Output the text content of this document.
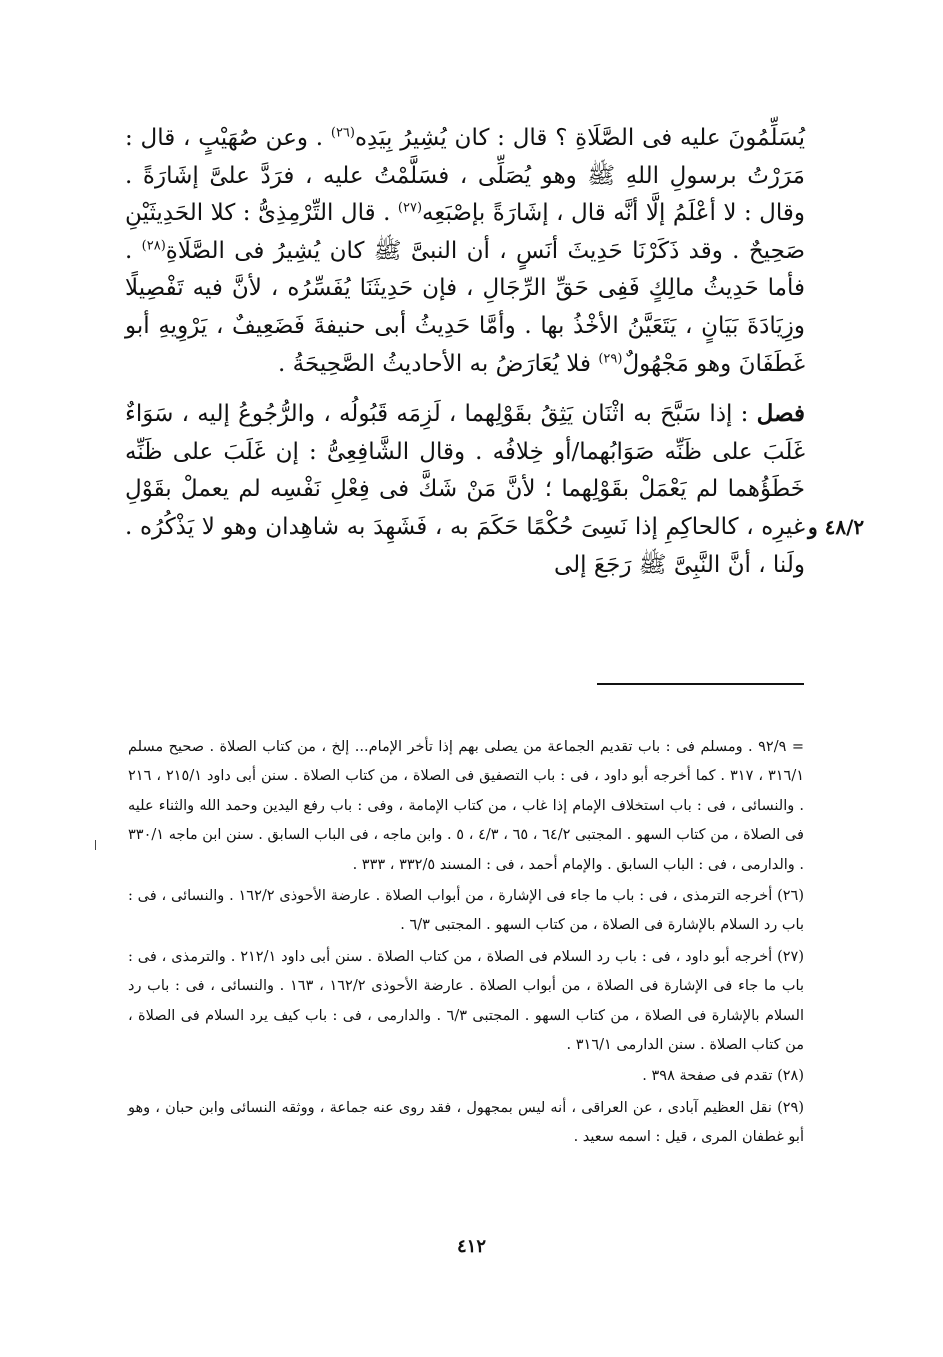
يُسَلِّمُونَ عليه فى الصَّلَاةِ ؟ قال : كان يُشِيرُ بِيَدِه$^{(٢٦)}$ . وعن صُهَيْبٍ ، قال : مَرَرْتُ برسولِ اللهِ ﷺ وهو يُصَلِّى ، فسَلَّمْتُ عليه ، فرَدَّ علىَّ إشَارَةً . وقال : لا أعْلَمُ إلَّا أنَّه قال ، إشَارَةً بإصْبَعِه$^{(٢٧)}$ . قال التِّرْمِذِىُّ : كلا الحَدِيثَيْنِ صَحِيحٌ . وقد ذَكَرْنَا حَدِيثَ أنَسٍ ، أن النبىَّ ﷺ كان يُشِيرُ فى الصَّلَاةِ$^{(٢٨)}$ . فأما حَدِيثُ مالِكٍ فَفِى حَقِّ الرِّجَالِ ، فإن حَدِيثَنَا يُفَسِّرُه ، لأنَّ فيه تَفْصِيلًا وزِيَادَةَ بَيَانٍ ، يَتَعَيَّنُ الأخْذُ بها . وأمَّا حَدِيثُ أبى حنيفةَ فَضَعِيفٌ ، يَرْوِيهِ أبو غَطَفَانَ وهو مَجْهُولٌ$^{(٢٩)}$ فلا يُعَارَضُ به الأحاديثُ الصَّحِيحَةُ .

فصل : إذا سَبَّحَ به اثْنَان يَثِقُ بقَوْلِهما ، لَزِمَه قَبُولُه ، والرُّجُوعُ إليه ، سَوَاءٌ غَلَبَ على ظَنِّه صَوَابُهما/أو خِلافُه . وقال الشَّافِعِىُّ : إن غَلَبَ على ظَنِّه خَطَؤُهما لم يَعْمَلْ بقَوْلِهما ؛ لأنَّ مَنْ شَكَّ فى فِعْلِ نَفْسِه لم يعملْ بقَوْلِ غيرِه ، كالحاكِمِ إذا نَسِىَ حُكْمًا حَكَمَ به ، فَشَهِدَ به شاهِدان وهو لا يَذْكُرُه . ولَنا ، أنَّ النَّبِىَّ ﷺ رَجَعَ إلى

٤٨/٢ و

= ٩٢/٩ . ومسلم فى : باب تقديم الجماعة من يصلى بهم إذا تأخر الإمام... إلخ ، من كتاب الصلاة . صحيح مسلم ٣١٦/١ ، ٣١٧ . كما أخرجه أبو داود ، فى : باب التصفيق فى الصلاة ، من كتاب الصلاة . سنن أبى داود ٢١٥/١ ، ٢١٦ . والنسائى ، فى : باب استخلاف الإمام إذا غاب ، من كتاب الإمامة ، وفى : باب رفع اليدين وحمد الله والثناء عليه فى الصلاة ، من كتاب السهو . المجتبى ٦٤/٢ ، ٦٥ ، ٤/٣ ، ٥ . وابن ماجه ، فى الباب السابق . سنن ابن ماجه ٣٣٠/١ . والدارمى ، فى : الباب السابق . والإمام أحمد ، فى : المسند ٣٣٢/٥ ، ٣٣٣ .

(٢٦) أخرجه الترمذى ، فى : باب ما جاء فى الإشارة ، من أبواب الصلاة . عارضة الأحوذى ١٦٢/٢ . والنسائى ، فى : باب رد السلام بالإشارة فى الصلاة ، من كتاب السهو . المجتبى ٦/٣ .

(٢٧) أخرجه أبو داود ، فى : باب رد السلام فى الصلاة ، من كتاب الصلاة . سنن أبى داود ٢١٢/١ . والترمذى ، فى : باب ما جاء فى الإشارة فى الصلاة ، من أبواب الصلاة . عارضة الأحوذى ١٦٢/٢ ، ١٦٣ . والنسائى ، فى : باب رد السلام بالإشارة فى الصلاة ، من كتاب السهو . المجتبى ٦/٣ . والدارمى ، فى : باب كيف يرد السلام فى الصلاة ، من كتاب الصلاة . سنن الدارمى ٣١٦/١ .

(٢٨) تقدم فى صفحة ٣٩٨ .

(٢٩) نقل العظيم آبادى ، عن العراقى ، أنه ليس بمجهول ، فقد روى عنه جماعة ، ووثقه النسائى وابن حبان ، وهو أبو غطفان المرى ، قيل : اسمه سعيد .

٤١٢
